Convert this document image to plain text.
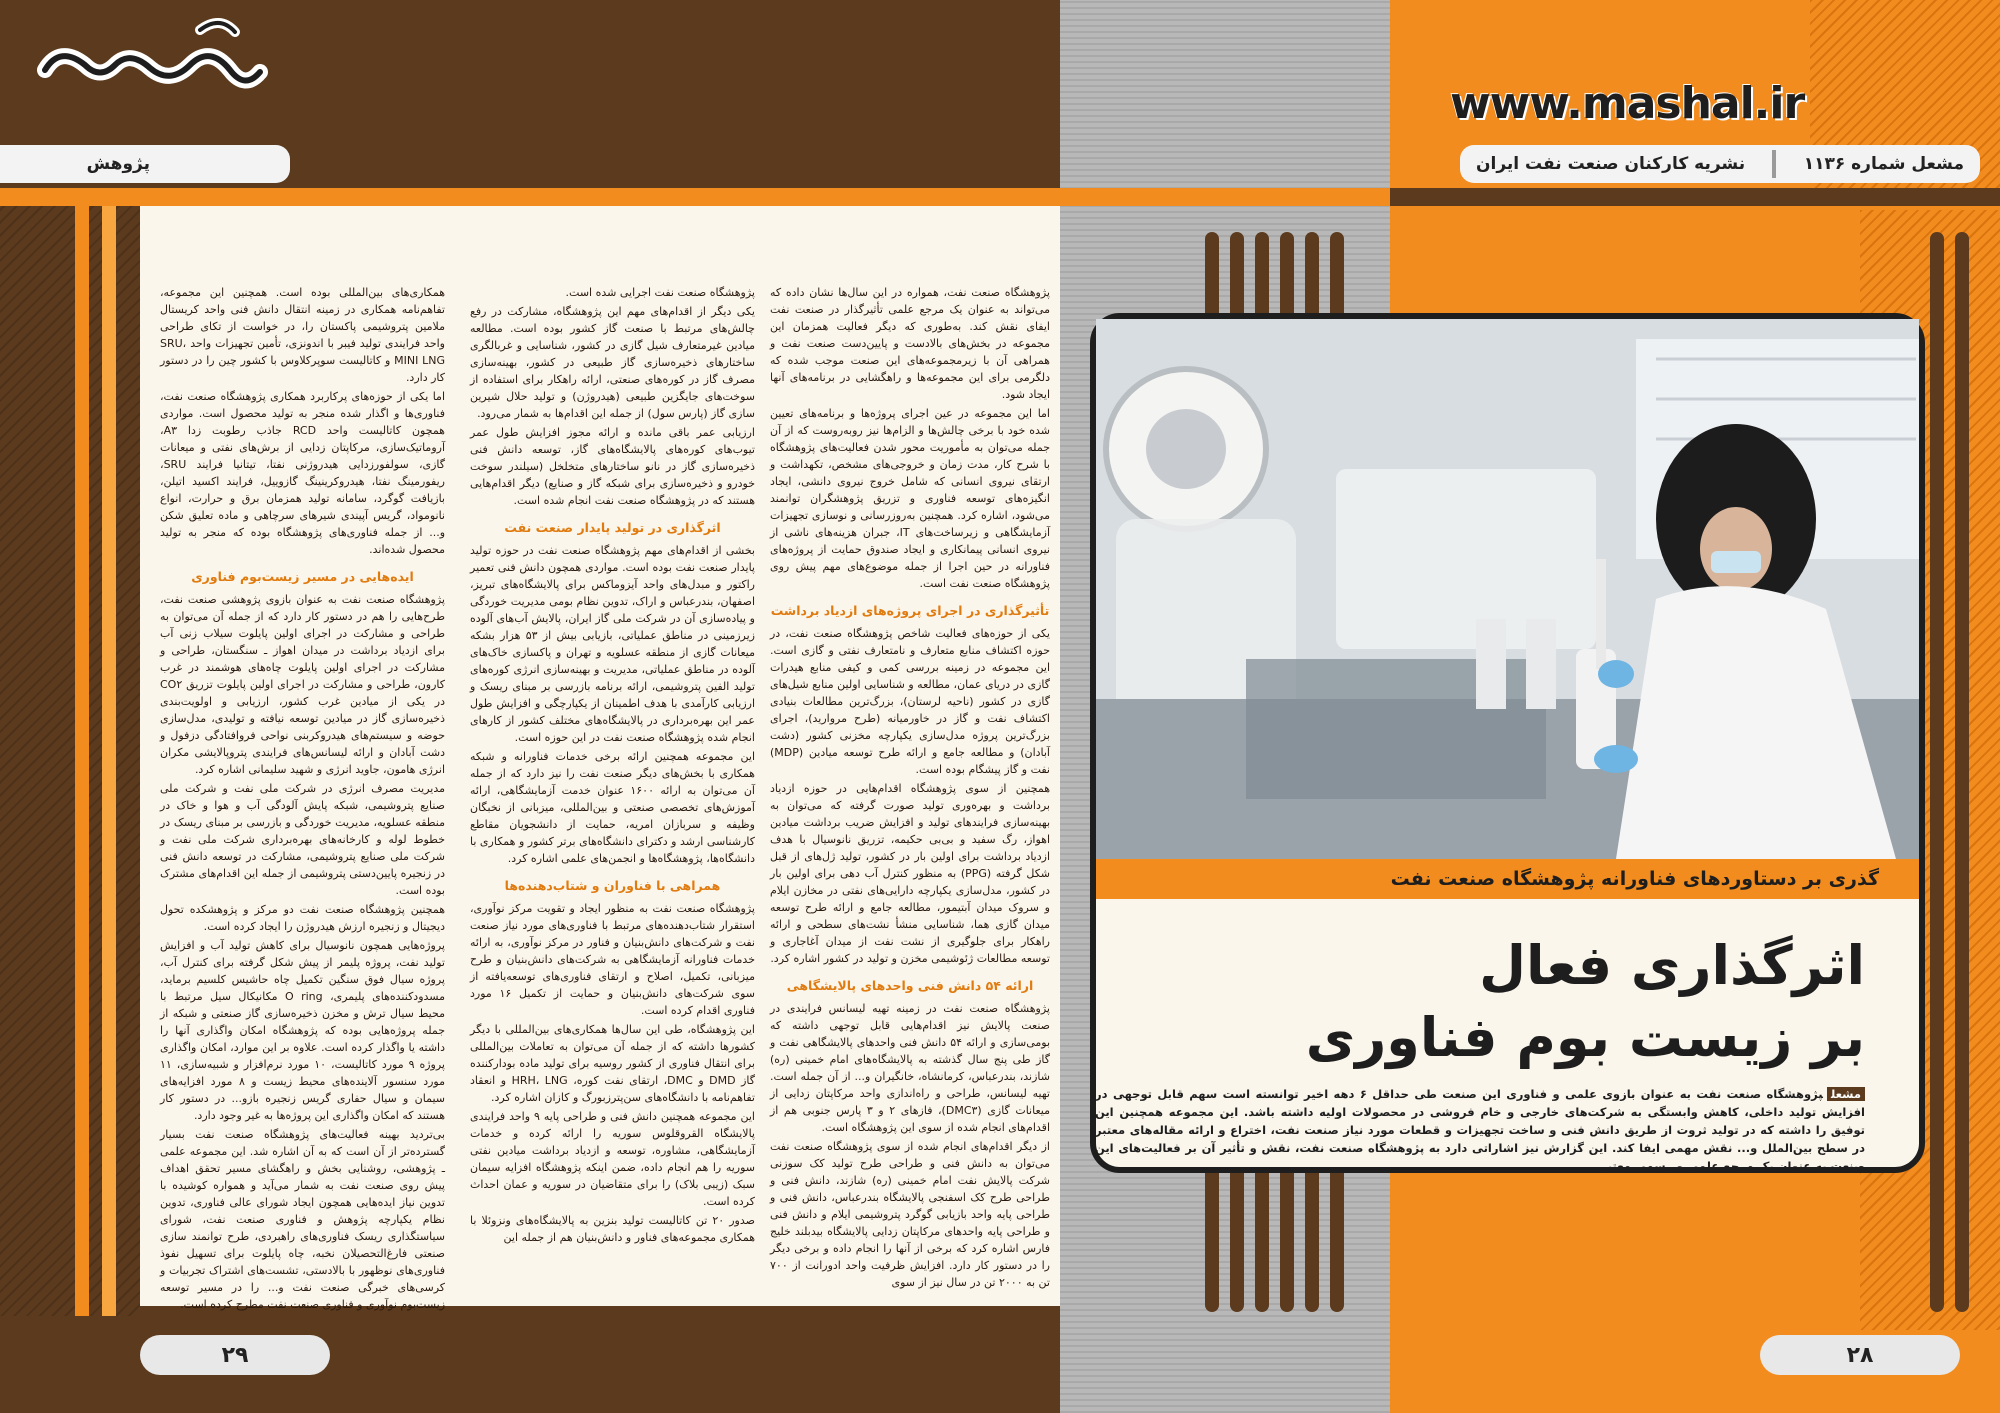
پژوهش
www.mashal.ir
نشریه کارکنان صنعت نفت ایران	مشعل شماره ۱۱۳۶

پژوهشگاه صنعت نفت اجرایی شده است.

یکی دیگر از اقدام‌های مهم این پژوهشگاه، مشارکت در رفع چالش‌های مرتبط با صنعت گاز کشور بوده است. مطالعه میادین غیرمتعارف شیل گازی در کشور، شناسایی و غربالگری ساختارهای ذخیره‌سازی گاز طبیعی در کشور، بهینه‌سازی مصرف گاز در کوره‌های صنعتی، ارائه راهکار برای استفاده از سوخت‌های جایگزین طبیعی (هیدروژن) و تولید حلال شیرین سازی گاز (پارس سول) از جمله این اقدام‌ها به شمار می‌رود.

ارزیابی عمر باقی مانده و ارائه مجوز افزایش طول عمر تیوب‌های کوره‌های پالایشگاه‌های گاز، توسعه دانش فنی ذخیره‌سازی گاز در نانو ساختارهای متخلخل (سیلندر سوخت خودرو و ذخیره‌سازی برای شبکه گاز و صنایع) دیگر اقدام‌هایی هستند که در پژوهشگاه صنعت نفت انجام شده است.

اثرگذاری در تولید پایدار صنعت نفت

بخشی از اقدام‌های مهم پژوهشگاه صنعت نفت در حوزه تولید پایدار صنعت نفت بوده است. مواردی همچون دانش فنی تعمیر راکتور و مبدل‌های واحد آیزوماکس برای پالایشگاه‌های تبریز، اصفهان، بندرعباس و اراک، تدوین نظام بومی مدیریت خوردگی و پیاده‌سازی آن در شرکت ملی گاز ایران، پالایش آب‌های آلوده زیرزمینی در مناطق عملیاتی، بازیابی بیش از ۵۳ هزار بشکه میعانات گازی از منطقه عسلویه و تهران و پاکسازی خاک‌های آلوده در مناطق عملیاتی، مدیریت و بهینه‌سازی انرژی کوره‌های تولید الفین پتروشیمی، ارائه برنامه بازرسی بر مبنای ریسک و ارزیابی کارآمدی با هدف اطمینان از یکپارچگی و افزایش طول عمر این بهره‌برداری در پالایشگاه‌های مختلف کشور از کارهای انجام شده پژوهشگاه صنعت نفت در این حوزه است.

این مجموعه همچنین ارائه برخی خدمات فناورانه و شبکه همکاری با بخش‌های دیگر صنعت نفت را نیز دارد که از جمله آن می‌توان به ارائه ۱۶۰۰ عنوان خدمت آزمایشگاهی، ارائه آموزش‌های تخصصی صنعتی و بین‌المللی، میزبانی از نخبگان وظیفه و سربازان امریه، حمایت از دانشجویان مقاطع کارشناسی ارشد و دکترای دانشگاه‌های برتر کشور و همکاری با دانشگاه‌ها، پژوهشگاه‌ها و انجمن‌های علمی اشاره کرد.

همراهی با فناوران و شتاب‌دهنده‌ها

پژوهشگاه صنعت نفت به منظور ایجاد و تقویت مرکز نوآوری، استقرار شتاب‌دهنده‌های مرتبط با فناوری‌های مورد نیاز صنعت نفت و شرکت‌های دانش‌بنیان و فناور در مرکز نوآوری، به ارائه خدمات فناورانه آزمایشگاهی به شرکت‌های دانش‌بنیان و طرح میزبانی، تکمیل، اصلاح و ارتقای فناوری‌های توسعه‌یافته از سوی شرکت‌های دانش‌بنیان و حمایت از تکمیل ۱۶ مورد فناوری اقدام کرده است.

این پژوهشگاه، طی این سال‌ها همکاری‌های بین‌المللی با دیگر کشورها داشته که از جمله آن می‌توان به تعاملات بین‌المللی برای انتقال فناوری از کشور روسیه برای تولید ماده بودارکننده گاز DMD و DMC، ارتقای نفت کوره، HRH، LNG و انعقاد تفاهم‌نامه با دانشگاه‌های سن‌پترزبورگ و کازان اشاره کرد.

این مجموعه همچنین دانش فنی و طراحی پایه ۹ واحد فرایندی پالایشگاه القروقلوس سوریه را ارائه کرده و خدمات آزمایشگاهی، مشاوره، توسعه و ازدیاد برداشت میادین نفتی سوریه را هم انجام داده، ضمن اینکه پژوهشگاه افزایه سیمان سبک (زیبی بلاک) را برای متقاضیان در سوریه و عمان احداث کرده است.

صدور ۲۰ تن کاتالیست تولید بنزین به پالایشگاه‌های ونزوئلا با همکاری مجموعه‌های فناور و دانش‌بنیان هم از جمله این

همکاری‌های بین‌المللی بوده است. همچنین این مجموعه، تفاهم‌نامه همکاری در زمینه انتقال دانش فنی واحد کریستال ملامین پتروشیمی پاکستان را، در خواست از تکای طراحی واحد فرایندی تولید فیبر با اندونزی، تأمین تجهیزات واحد SRU، MINI LNG و کاتالیست سوپرکلاوس با کشور چین را در دستور کار دارد.

اما یکی از حوزه‌های پرکاربرد همکاری پژوهشگاه صنعت نفت، فناوری‌ها و اگذار شده منجر به تولید محصول است. مواردی همچون کاتالیست واحد RCD جاذب رطوبت زدا A۳، آروماتیک‌سازی، مرکاپتان زدایی از برش‌های نفتی و میعانات گازی، سولفورزدایی هیدروژنی نفتا، تیتانیا فرایند SRU، ریفورمینگ نفتا، هیدروکرینینگ گازوییل، فرایند اکسید اتیلن، بازیافت گوگرد، سامانه تولید همزمان برق و حرارت، انواع نانومواد، گریس آپیندی شیرهای سرچاهی و ماده تعلیق شکن و... از جمله فناوری‌های پژوهشگاه بوده که منجر به تولید محصول شده‌اند.

ایده‌هایی در مسیر زیست‌بوم فناوری

پژوهشگاه صنعت نفت به عنوان بازوی پژوهشی صنعت نفت، طرح‌هایی را هم در دستور کار دارد که از جمله آن می‌توان به طراحی و مشارکت در اجرای اولین پایلوت سیلاب زنی آب برای ازدیاد برداشت در میدان اهواز ـ سنگستان، طراحی و مشارکت در اجرای اولین پایلوت چاه‌های هوشمند در غرب کارون، طراحی و مشارکت در اجرای اولین پایلوت تزریق CO۲ در یکی از میادین غرب کشور، ارزیابی و اولویت‌بندی ذخیره‌سازی گاز در میادین توسعه نیافته و تولیدی، مدل‌سازی حوضه و سیستم‌های هیدروکربنی نواحی فروافتادگی دزفول و دشت آبادان و ارائه لیسانس‌های فرایندی پتروپالایشی مکران انرژی هامون، جاوید انرژی و شهید سلیمانی اشاره کرد.

مدیریت مصرف انرژی در شرکت ملی نفت و شرکت ملی صنایع پتروشیمی، شبکه پایش آلودگی آب و هوا و خاک در منطقه عسلویه، مدیریت خوردگی و بازرسی بر مبنای ریسک در خطوط لوله و کارخانه‌های بهره‌برداری شرکت ملی نفت و شرکت ملی صنایع پتروشیمی، مشارکت در توسعه دانش فنی در زنجیره پایین‌دستی پتروشیمی از جمله این اقدام‌های مشترک بوده است.

همچنین پژوهشگاه صنعت نفت دو مرکز و پژوهشکده تحول دیجیتال و زنجیره ارزش هیدروژن را ایجاد کرده است.

پروژه‌هایی همچون نانوسیال برای کاهش تولید آب و افزایش تولید نفت، پروژه پلیمر از پیش شکل گرفته برای کنترل آب، پروژه سیال فوق سنگین تکمیل چاه حاشیس کلسیم برماید، مسدودکننده‌های پلیمری، O ring مکانیکال سیل مرتبط با محیط سیال ترش و مخزن ذخیره‌سازی گاز صنعتی و شبکه از جمله پروژه‌هایی بوده که پژوهشگاه امکان واگذاری آنها را داشته یا واگذار کرده است. علاوه بر این موارد، امکان واگذاری پروژه ۹ مورد کاتالیست، ۱۰ مورد نرم‌افزار و شبیه‌سازی، ۱۱ مورد سنسور آلاینده‌های محیط زیست و ۸ مورد افزایه‌های سیمان و سیال حفاری گریس زنجیره بازو... در دستور کار هستند که امکان واگذاری این پروژه‌ها به غیر وجود دارد.

بی‌تردید بهینه فعالیت‌های پژوهشگاه صنعت نفت بسیار گسترده‌تر از آن است که به آن اشاره شد. این مجموعه علمی ـ پژوهشی، روشنایی بخش و راهگشای مسیر تحقق اهداف پیش روی صنعت نفت به شمار می‌آید و همواره کوشیده با تدوین نیاز ایده‌هایی همچون ایجاد شورای عالی فناوری، تدوین نظام یکپارچه پژوهش و فناوری صنعت نفت، شورای سیاستگذاری ریسک فناوری‌های راهبردی، طرح توانمند سازی صنعتی فارغ‌التحصیلان نخبه، چاه پایلوت برای تسهیل نفوذ فناوری‌های نوظهور با بالادستی، تشست‌های اشتراک تجربیات و کرسی‌های خبرگی صنعت نفت و... را در مسیر توسعه زیست‌بوم نوآوری و فناوری صنعت نفت مطرح کرده است.

پژوهشگاه صنعت نفت، همواره در این سال‌ها نشان داده که می‌تواند به عنوان یک مرجع علمی تأثیرگذار در صنعت نفت ایفای نقش کند. به‌طوری که دیگر فعالیت همزمان این مجموعه در بخش‌های بالادست و پایین‌دست صنعت نفت و همراهی آن با زیرمجموعه‌های این صنعت موجب شده که دلگرمی برای این مجموعه‌ها و راهگشایی در برنامه‌های آنها ایجاد شود.

اما این مجموعه در عین اجرای پروژه‌ها و برنامه‌های تعیین شده خود با برخی چالش‌ها و الزام‌ها نیز روبه‌روست که از آن جمله می‌توان به مأموریت محور شدن فعالیت‌های پژوهشگاه با شرح کار، مدت زمان و خروجی‌های مشخص، تکهداشت و ارتقای نیروی انسانی که شامل خروج نیروی دانشی، ایجاد انگیزه‌های توسعه فناوری و تزریق پژوهشگران توانمند می‌شود، اشاره کرد. همچنین به‌روزرسانی و نوسازی تجهیزات آزمایشگاهی و زیرساخت‌های IT، جبران هزینه‌های ناشی از نیروی انسانی پیمانکاری و ایجاد صندوق حمایت از پروژه‌های فناورانه در حین اجرا از جمله موضوع‌های مهم پیش روی پژوهشگاه صنعت نفت است.

تأثیرگذاری در اجرای پروژه‌های ازدیاد برداشت

یکی از حوزه‌های فعالیت شاخص پژوهشگاه صنعت نفت، در حوزه اکتشاف منابع متعارف و نامتعارف نفتی و گازی است. این مجموعه در زمینه بررسی کمی و کیفی منابع هیدرات گازی در دریای عمان، مطالعه و شناسایی اولین منابع شیل‌های گازی در کشور (ناحیه لرستان)، بزرگ‌ترین مطالعات بنیادی اکتشاف نفت و گاز در خاورمیانه (طرح مروارید)، اجرای بزرگ‌ترین پروژه مدل‌سازی یکپارچه مخزنی کشور (دشت آبادان) و مطالعه جامع و ارائه طرح توسعه میادین (MDP) نفت و گاز پیشگام بوده است.

همچنین از سوی پژوهشگاه اقدام‌هایی در حوزه ازدیاد برداشت و بهره‌وری تولید صورت گرفته که می‌توان به بهینه‌سازی فرایندهای تولید و افزایش ضریب برداشت میادین اهواز، رگ سفید و بی‌بی حکیمه، تزریق نانوسیال با هدف ازدیاد برداشت برای اولین بار در کشور، تولید ژل‌های از قبل شکل گرفته (PPG) به منظور کنترل آب دهی برای اولین بار در کشور، مدل‌سازی یکپارچه دارایی‌های نفتی در مخازن ایلام و سروک میدان آبتیمور، مطالعه جامع و ارائه طرح توسعه میدان گازی هما، شناسایی منشأ نشت‌های سطحی و ارائه راهکار برای جلوگیری از نشت نفت از میدان آغاجاری و توسعه مطالعات ژئوشیمی مخزن و تولید در کشور اشاره کرد.

ارائه ۵۴ دانش فنی واحدهای پالایشگاهی

پژوهشگاه صنعت نفت در زمینه تهیه لیسانس فرایندی در صنعت پالایش نیز اقدام‌هایی قابل توجهی داشته که بومی‌سازی و ارائه ۵۴ دانش فنی واحدهای پالایشگاهی نفت و گاز طی پنج سال گذشته به پالایشگاه‌های امام خمینی (ره) شازند، بندرعباس، کرمانشاه، خانگیران و... از آن جمله است. تهیه لیسانس، طراحی و راه‌اندازی واحد مرکاپتان زدایی از میعانات گازی (DMC۳)، فازهای ۲ و ۳ پارس جنوبی هم از اقدام‌های انجام شده از سوی این پژوهشگاه است.

از دیگر اقدام‌های انجام شده از سوی پژوهشگاه صنعت نفت می‌توان به دانش فنی و طراحی طرح تولید کک سوزنی شرکت پالایش نفت امام خمینی (ره) شازند، دانش فنی و طراحی طرح کک اسفنجی پالایشگاه بندرعباس، دانش فنی و طراحی پایه واحد بازیابی گوگرد پتروشیمی ایلام و دانش فنی و طراحی پایه واحدهای مرکاپتان زدایی پالایشگاه بیدبلند خلیج فارس اشاره کرد که برخی از آنها را انجام داده و برخی دیگر را در دستور کار دارد. افزایش ظرفیت واحد ادورانت از ۷۰۰ تن به ۲۰۰۰ تن در سال نیز از سوی

گذری بر دستاوردهای فناورانه پژوهشگاه صنعت نفت
اثرگذاری فعال
بر زیست بوم فناوری
مشعلپژوهشگاه صنعت نفت به عنوان بازوی علمی و فناوری این صنعت طی حداقل ۶ دهه اخیر توانسته است سهم قابل توجهی در افزایش تولید داخلی، کاهش وابستگی به شرکت‌های خارجی و خام فروشی در محصولات اولیه داشته باشد. این مجموعه همچنین این توفیق را داشته که در تولید ثروت از طریق دانش فنی و ساخت تجهیزات و قطعات مورد نیاز صنعت نفت، اختراع و ارائه مقاله‌های معتبر در سطح بین‌الملل و... نقش مهمی ایفا کند. این گزارش نیز اشاراتی دارد به پژوهشگاه صنعت نفت، نقش و تأثیر آن بر فعالیت‌های این صنعت به عنوان یک مرجع علمی و رسمی معتبر.
۲۹	۲۸
